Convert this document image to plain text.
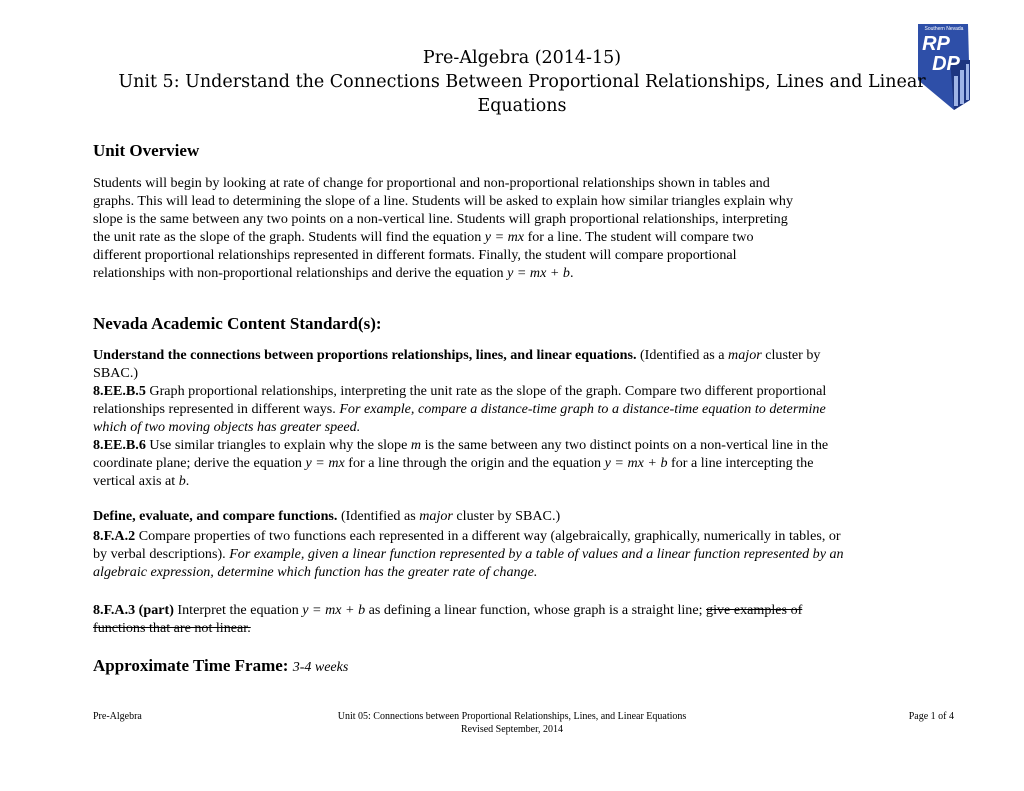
Southern Nevada
RP
DP
Pre-Algebra (2014-15)
Unit 5: Understand the Connections Between Proportional Relationships, Lines and Linear
Equations
Unit Overview

Students will begin by looking at rate of change for proportional and non-proportional relationships shown in tables and

graphs. This will lead to determining the slope of a line. Students will be asked to explain how similar triangles explain why

slope is the same between any two points on a non-vertical line. Students will graph proportional relationships, interpreting

the unit rate as the slope of the graph. Students will find the equation y = mx for a line. The student will compare two

different proportional relationships represented in different formats. Finally, the student will compare proportional

relationships with non-proportional relationships and derive the equation y = mx + b.

Nevada Academic Content Standard(s):

Understand the connections between proportions relationships, lines, and linear equations. (Identified as a major cluster by

SBAC.)

8.EE.B.5 Graph proportional relationships, interpreting the unit rate as the slope of the graph. Compare two different proportional

relationships represented in different ways. For example, compare a distance-time graph to a distance-time equation to determine

which of two moving objects has greater speed.

8.EE.B.6 Use similar triangles to explain why the slope m is the same between any two distinct points on a non-vertical line in the

coordinate plane; derive the equation y = mx for a line through the origin and the equation y = mx + b for a line intercepting the

vertical axis at b.

Define, evaluate, and compare functions. (Identified as major cluster by SBAC.)

8.F.A.2 Compare properties of two functions each represented in a different way (algebraically, graphically, numerically in tables, or

by verbal descriptions). For example, given a linear function represented by a table of values and a linear function represented by an

algebraic expression, determine which function has the greater rate of change.

8.F.A.3 (part) Interpret the equation y = mx + b as defining a linear function, whose graph is a straight line; give examples of

functions that are not linear.

Approximate Time Frame: 3-4 weeks
Pre-Algebra	Unit 05: Connections between Proportional Relationships, Lines, and Linear Equations
Revised September, 2014
Page 1 of 4
